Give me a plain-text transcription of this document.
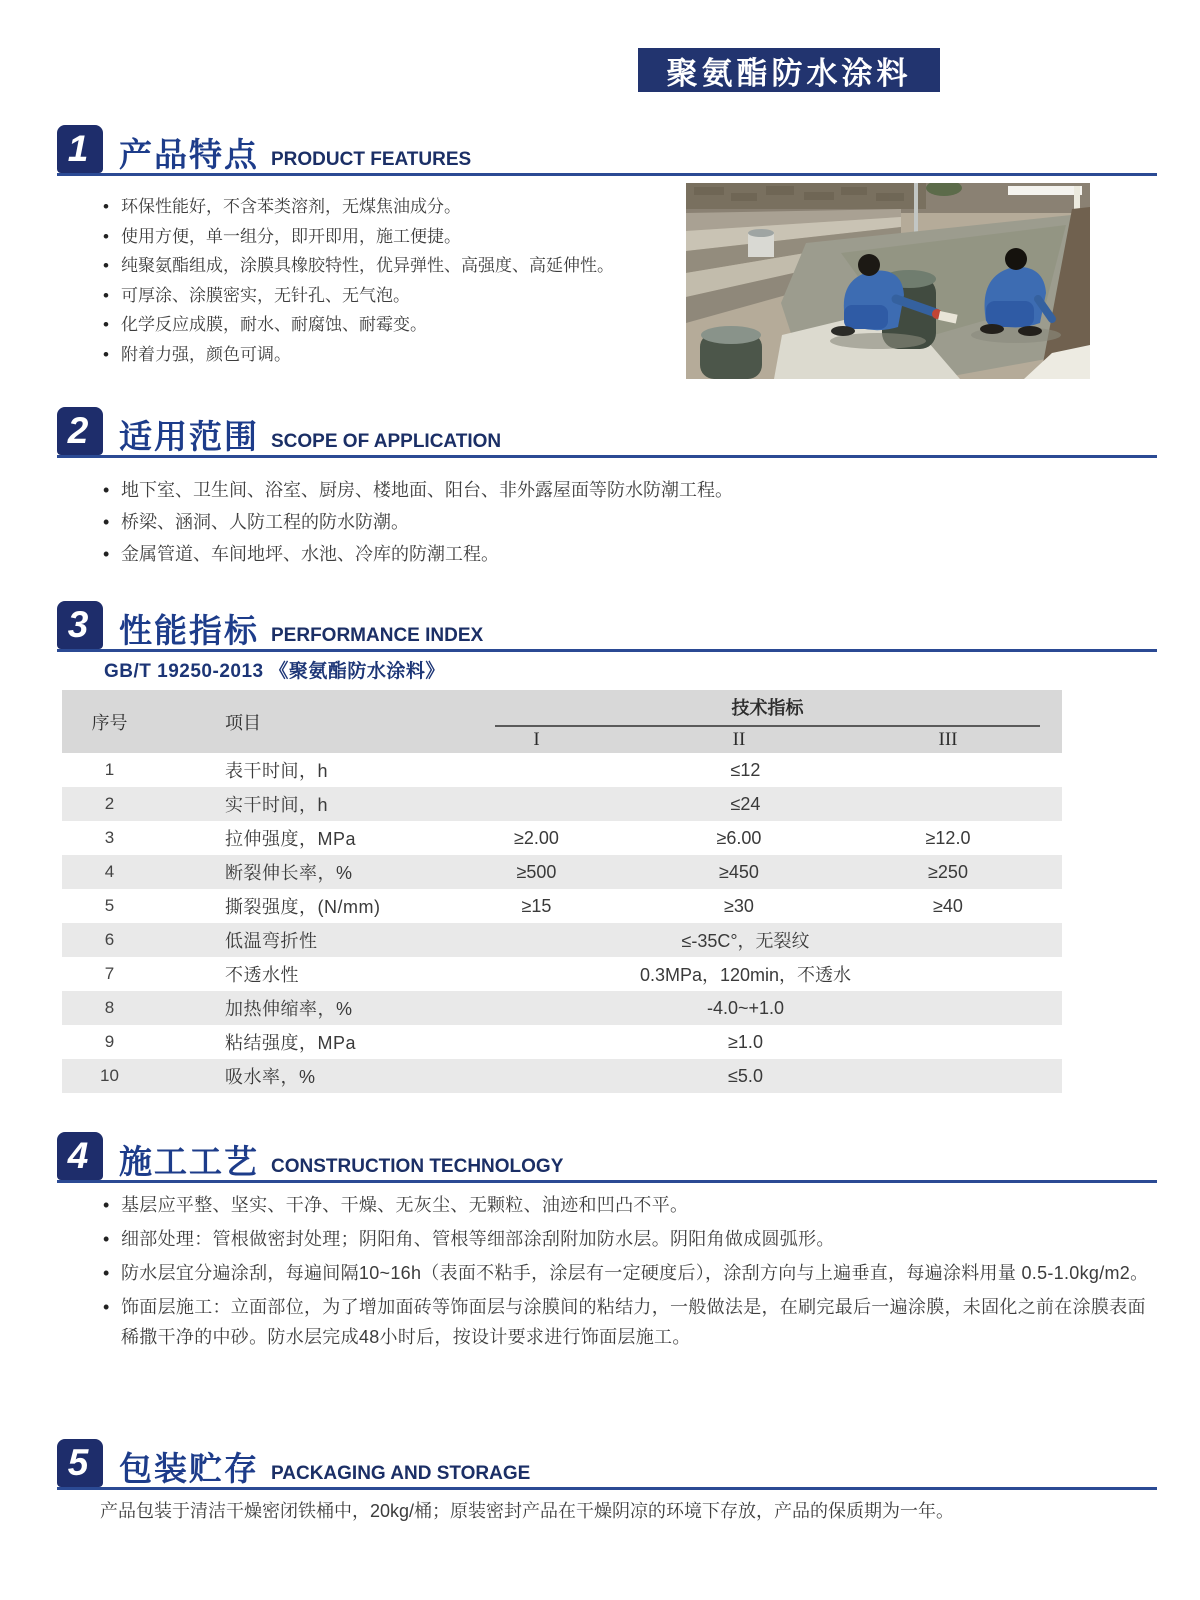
聚氨酯防水涂料
1 产品特点 PRODUCT FEATURES
• 环保性能好，不含苯类溶剂，无煤焦油成分。
• 使用方便，单一组分，即开即用，施工便捷。
• 纯聚氨酯组成，涂膜具橡胶特性，优异弹性、高强度、高延伸性。
• 可厚涂、涂膜密实，无针孔、无气泡。
• 化学反应成膜，耐水、耐腐蚀、耐霉变。
• 附着力强，颜色可调。
2 适用范围 SCOPE OF APPLICATION
• 地下室、卫生间、浴室、厨房、楼地面、阳台、非外露屋面等防水防潮工程。
• 桥梁、涵洞、人防工程的防水防潮。
• 金属管道、车间地坪、水池、冷库的防潮工程。
3 性能指标 PERFORMANCE INDEX
GB/T 19250-2013 《聚氨酯防水涂料》
序号	项目	技术指标		

		I	II	III
1	表干时间，h	≤12		
2	实干时间，h	≤24		
3	拉伸强度，MPa	≥2.00	≥6.00	≥12.0
4	断裂伸长率，%	≥500	≥450	≥250
5	撕裂强度，(N/mm)	≥15	≥30	≥40
6	低温弯折性	≤-35C°，无裂纹		
7	不透水性	0.3MPa，120min，不透水		
8	加热伸缩率，%	-4.0~+1.0		
9	粘结强度，MPa	≥1.0		
10	吸水率，%	≤5.0		
4 施工工艺 CONSTRUCTION TECHNOLOGY
• 基层应平整、坚实、干净、干燥、无灰尘、无颗粒、油迹和凹凸不平。
• 细部处理：管根做密封处理；阴阳角、管根等细部涂刮附加防水层。阴阳角做成圆弧形。
• 防水层宜分遍涂刮，每遍间隔10~16h（表面不粘手，涂层有一定硬度后），涂刮方向与上遍垂直，每遍涂料用量 0.5-1.0kg/m2。
• 饰面层施工：立面部位，为了增加面砖等饰面层与涂膜间的粘结力，一般做法是，在刷完最后一遍涂膜，未固化之前在涂膜表面稀撒干净的中砂。防水层完成48小时后，按设计要求进行饰面层施工。
5 包装贮存 PACKAGING AND STORAGE
产品包装于清洁干燥密闭铁桶中，20kg/桶；原装密封产品在干燥阴凉的环境下存放，产品的保质期为一年。
